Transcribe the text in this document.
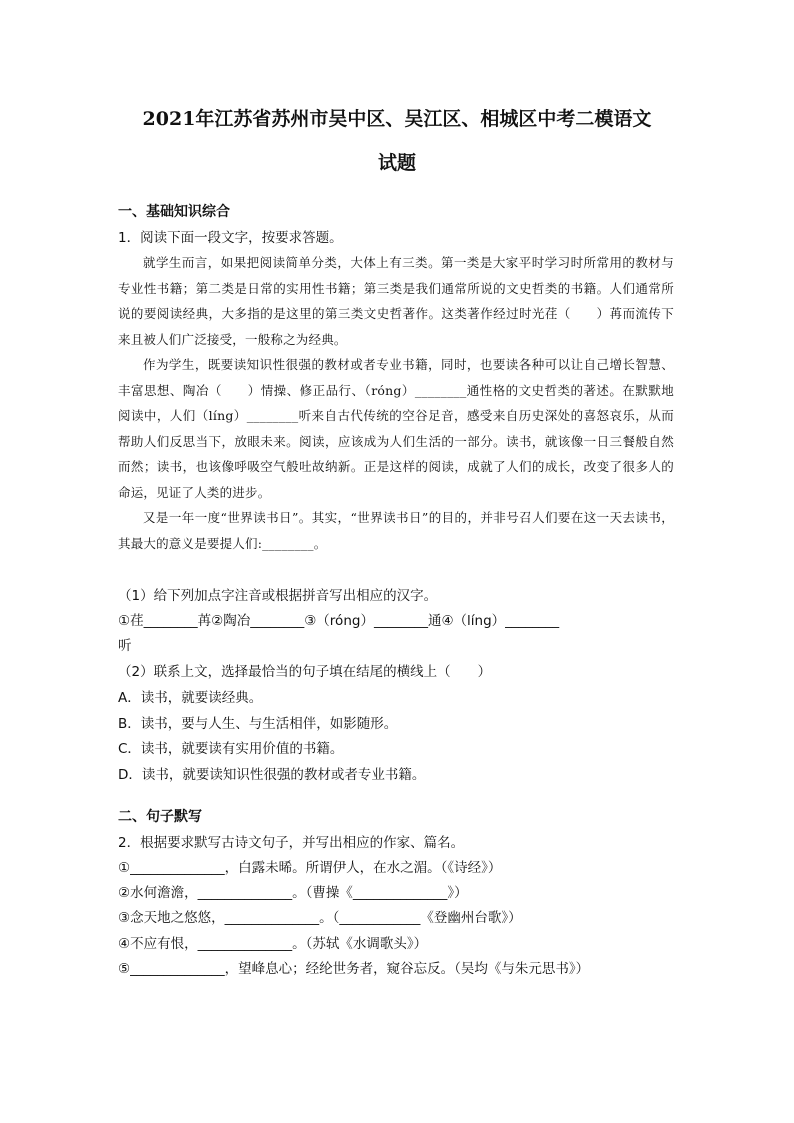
2021年江苏省苏州市吴中区、吴江区、相城区中考二模语文
试题
一、基础知识综合
1．阅读下面一段文字，按要求答题。

就学生而言，如果把阅读简单分类，大体上有三类。第一类是大家平时学习时所常用的教材与专业性书籍；第二类是日常的实用性书籍；第三类是我们通常所说的文史哲类的书籍。人们通常所说的要阅读经典，大多指的是这里的第三类文史哲著作。这类著作经过时光荏（　　）苒而流传下来且被人们广泛接受，一般称之为经典。

作为学生，既要读知识性很强的教材或者专业书籍，同时，也要读各种可以让自己增长智慧、丰富思想、陶冶（　　）情操、修正品行、（róng）________通性格的文史哲类的著述。在默默地阅读中，人们（líng）________听来自古代传统的空谷足音，感受来自历史深处的喜怒哀乐，从而帮助人们反思当下，放眼未来。阅读，应该成为人们生活的一部分。读书，就该像一日三餐般自然而然；读书，也该像呼吸空气般吐故纳新。正是这样的阅读，成就了人们的成长，改变了很多人的命运，见证了人类的进步。

又是一年一度“世界读书日”。其实，“世界读书日”的目的，并非号召人们要在这一天去读书，其最大的意义是要提人们:________。

（1）给下列加点字注音或根据拼音写出相应的汉字。
①荏________苒②陶冶________③（róng）________通④（líng）________
听
（2）联系上文，选择最恰当的句子填在结尾的横线上（　　）
A．读书，就要读经典。
B．读书，要与人生、与生活相伴，如影随形。
C．读书，就要读有实用价值的书籍。
D．读书，就要读知识性很强的教材或者专业书籍。
二、句子默写
2．根据要求默写古诗文句子，并写出相应的作家、篇名。
①______________，白露未晞。所谓伊人，在水之湄。（《诗经》）
②水何澹澹，______________。（曹操《______________》）
③念天地之悠悠，______________。（____________《登幽州台歌》）
④不应有恨，______________。（苏轼《水调歌头》）
⑤______________，望峰息心；经纶世务者，窥谷忘反。（吴均《与朱元思书》）
